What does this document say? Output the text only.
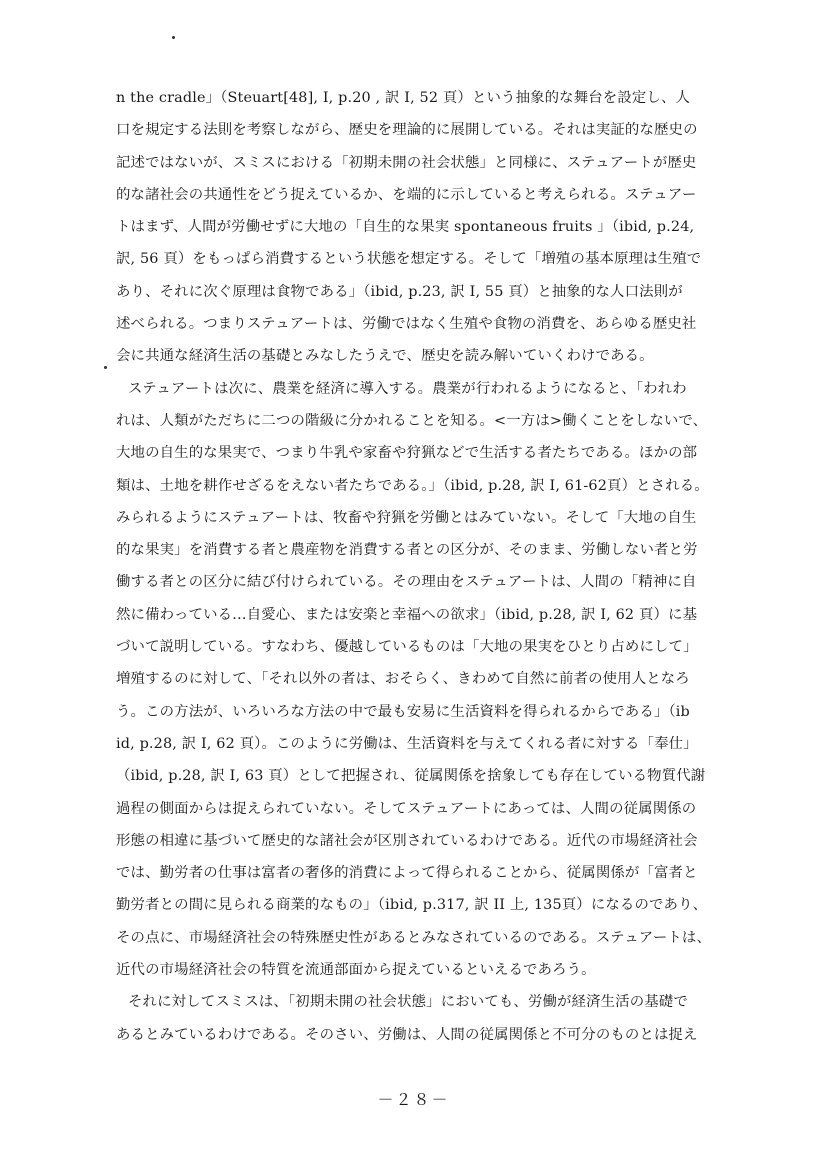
n the cradle」（Steuart[48], I, p.20 , 訳 I, 52 頁）という抽象的な舞台を設定し、人
口を規定する法則を考察しながら、歴史を理論的に展開している。それは実証的な歴史の
記述ではないが、スミスにおける「初期未開の社会状態」と同様に、ステュアートが歴史
的な諸社会の共通性をどう捉えているか、を端的に示していると考えられる。ステュアー
トはまず、人間が労働せずに大地の「自生的な果実 spontaneous fruits 」（ibid, p.24,
訳, 56 頁）をもっぱら消費するという状態を想定する。そして「増殖の基本原理は生殖で
あり、それに次ぐ原理は食物である」（ibid, p.23, 訳 I, 55 頁）と抽象的な人口法則が
述べられる。つまりステュアートは、労働ではなく生殖や食物の消費を、あらゆる歴史社
会に共通な経済生活の基礎とみなしたうえで、歴史を読み解いていくわけである。
ステュアートは次に、農業を経済に導入する。農業が行われるようになると、「われわ
れは、人類がただちに二つの階級に分かれることを知る。<一方は>働くことをしないで、
大地の自生的な果実で、つまり牛乳や家畜や狩猟などで生活する者たちである。ほかの部
類は、土地を耕作せざるをえない者たちである。」（ibid, p.28, 訳 I, 61-62頁）とされる。
みられるようにステュアートは、牧畜や狩猟を労働とはみていない。そして「大地の自生
的な果実」を消費する者と農産物を消費する者との区分が、そのまま、労働しない者と労
働する者との区分に結び付けられている。その理由をステュアートは、人間の「精神に自
然に備わっている…自愛心、または安楽と幸福への欲求」（ibid, p.28, 訳 I, 62 頁）に基
づいて説明している。すなわち、優越しているものは「大地の果実をひとり占めにして」
増殖するのに対して、「それ以外の者は、おそらく、きわめて自然に前者の使用人となろ
う。この方法が、いろいろな方法の中で最も安易に生活資料を得られるからである」（ib
id, p.28, 訳 I, 62 頁）。このように労働は、生活資料を与えてくれる者に対する「奉仕」
（ibid, p.28, 訳 I, 63 頁）として把握され、従属関係を捨象しても存在している物質代謝
過程の側面からは捉えられていない。そしてステュアートにあっては、人間の従属関係の
形態の相違に基づいて歴史的な諸社会が区別されているわけである。近代の市場経済社会
では、勤労者の仕事は富者の奢侈的消費によって得られることから、従属関係が「富者と
勤労者との間に見られる商業的なもの」（ibid, p.317, 訳 II 上, 135頁）になるのであり、
その点に、市場経済社会の特殊歴史性があるとみなされているのである。ステュアートは、
近代の市場経済社会の特質を流通部面から捉えているといえるであろう。
それに対してスミスは、「初期未開の社会状態」においても、労働が経済生活の基礎で
あるとみているわけである。そのさい、労働は、人間の従属関係と不可分のものとは捉え
－２８－
